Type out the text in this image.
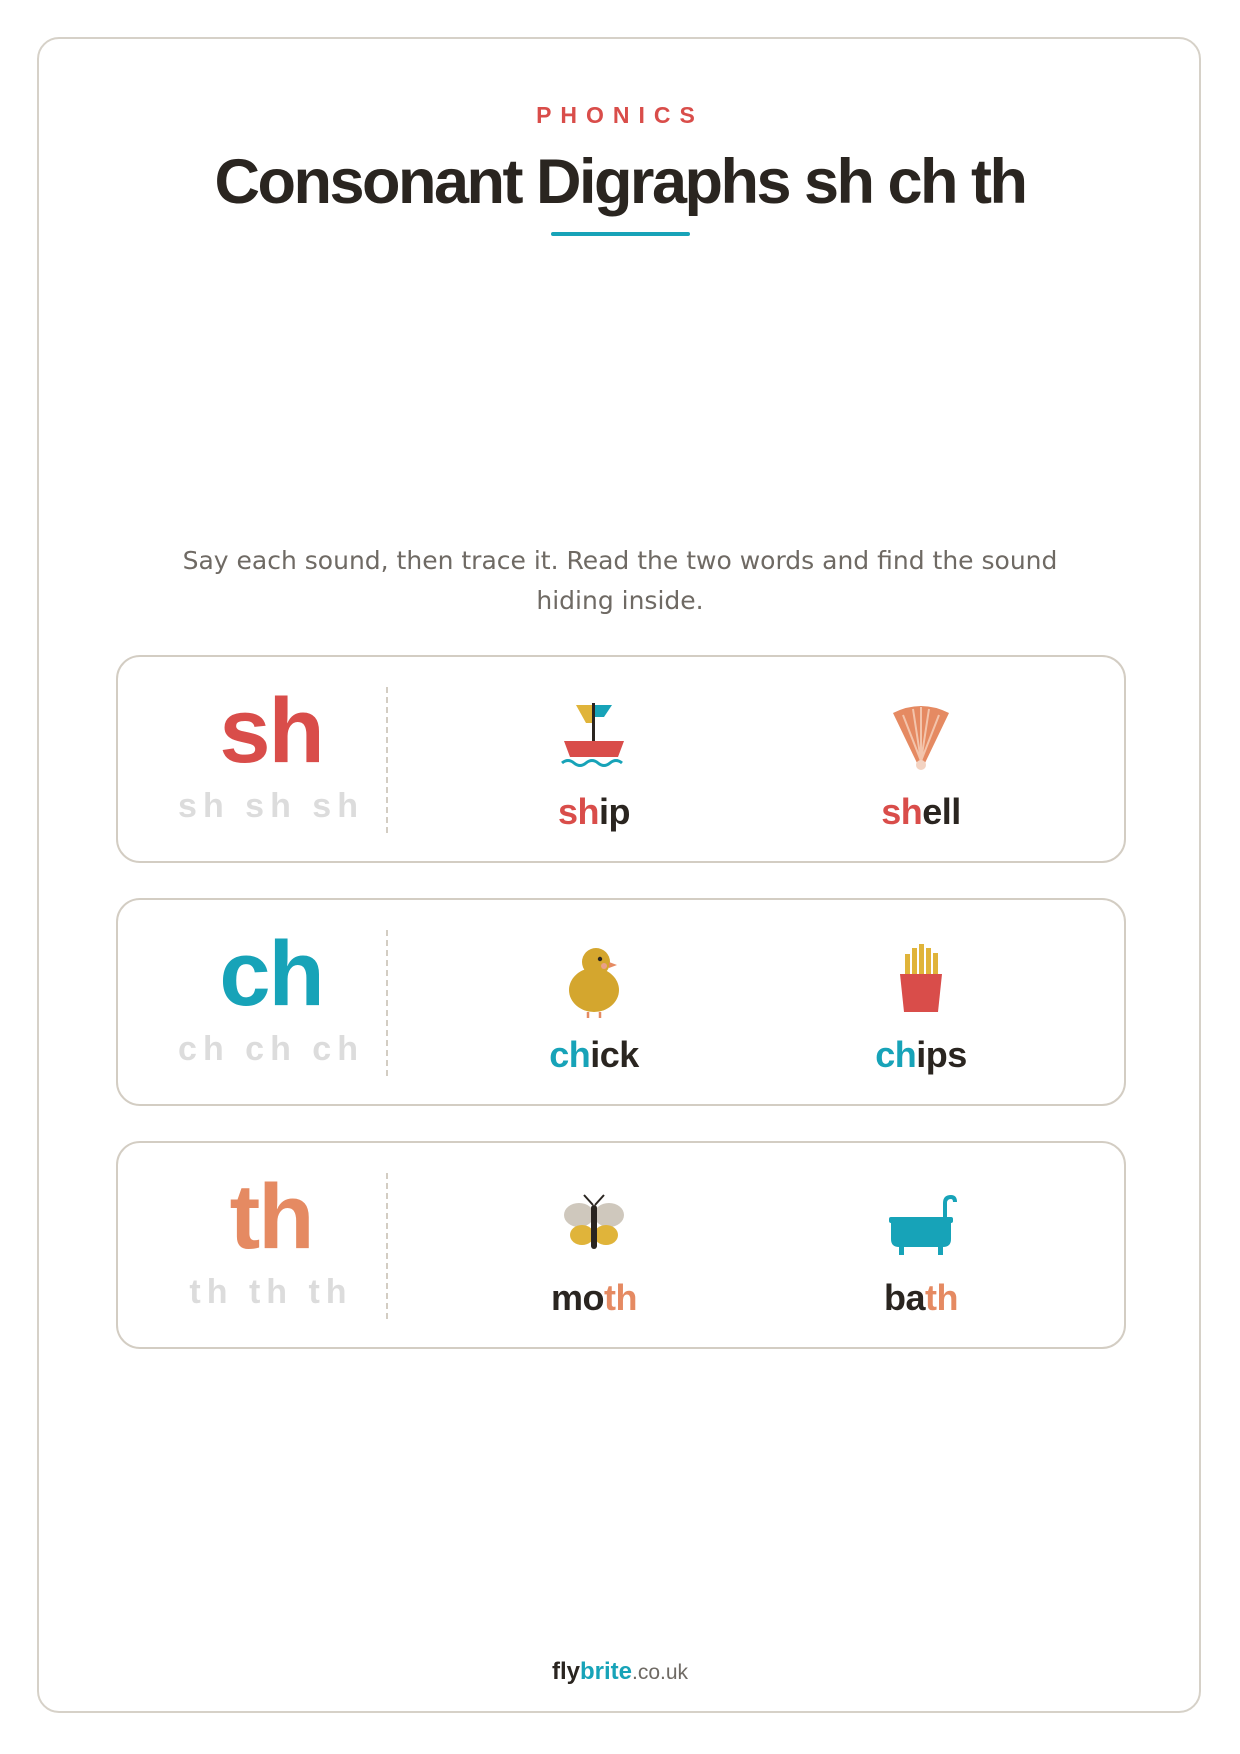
PHONICS
Consonant Digraphs sh ch th
Say each sound, then trace it. Read the two words and find the sound hiding inside.
sh
sh sh sh	ship	shell
ch
ch ch ch	chick	chips
th
th th th	moth	bath
flybrite.co.uk
